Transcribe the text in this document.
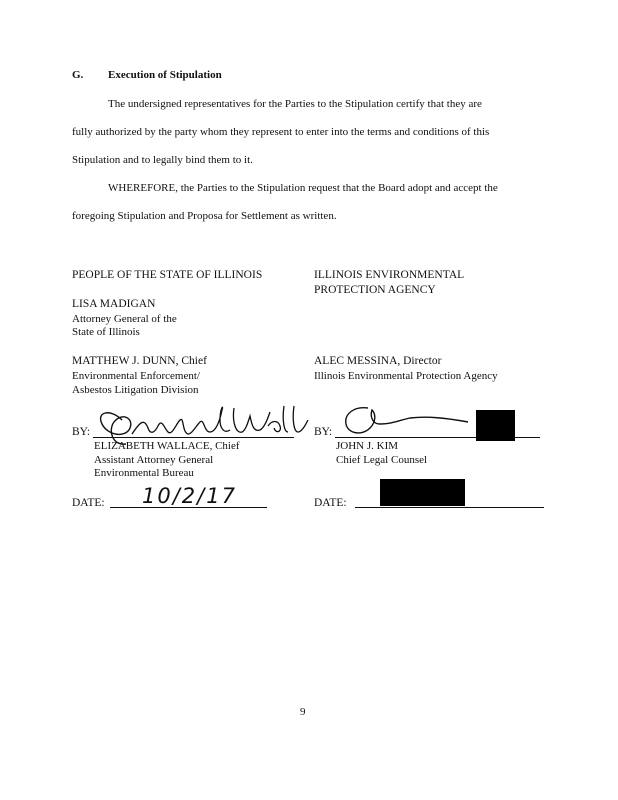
G. Execution of Stipulation
The undersigned representatives for the Parties to the Stipulation certify that they are
fully authorized by the party whom they represent to enter into the terms and conditions of this
Stipulation and to legally bind them to it.
WHEREFORE, the Parties to the Stipulation request that the Board adopt and accept the
foregoing Stipulation and Proposa for Settlement as written.
PEOPLE OF THE STATE OF ILLINOIS
LISA MADIGAN
Attorney General of the
State of Illinois
MATTHEW J. DUNN, Chief
Environmental Enforcement/
Asbestos Litigation Division
BY:
ELIZABETH WALLACE, Chief
Assistant Attorney General
Environmental Bureau
DATE: 10/2/17
ILLINOIS ENVIRONMENTAL
PROTECTION AGENCY
ALEC MESSINA, Director
Illinois Environmental Protection Agency
BY:
JOHN J. KIM
Chief Legal Counsel
DATE:
9
